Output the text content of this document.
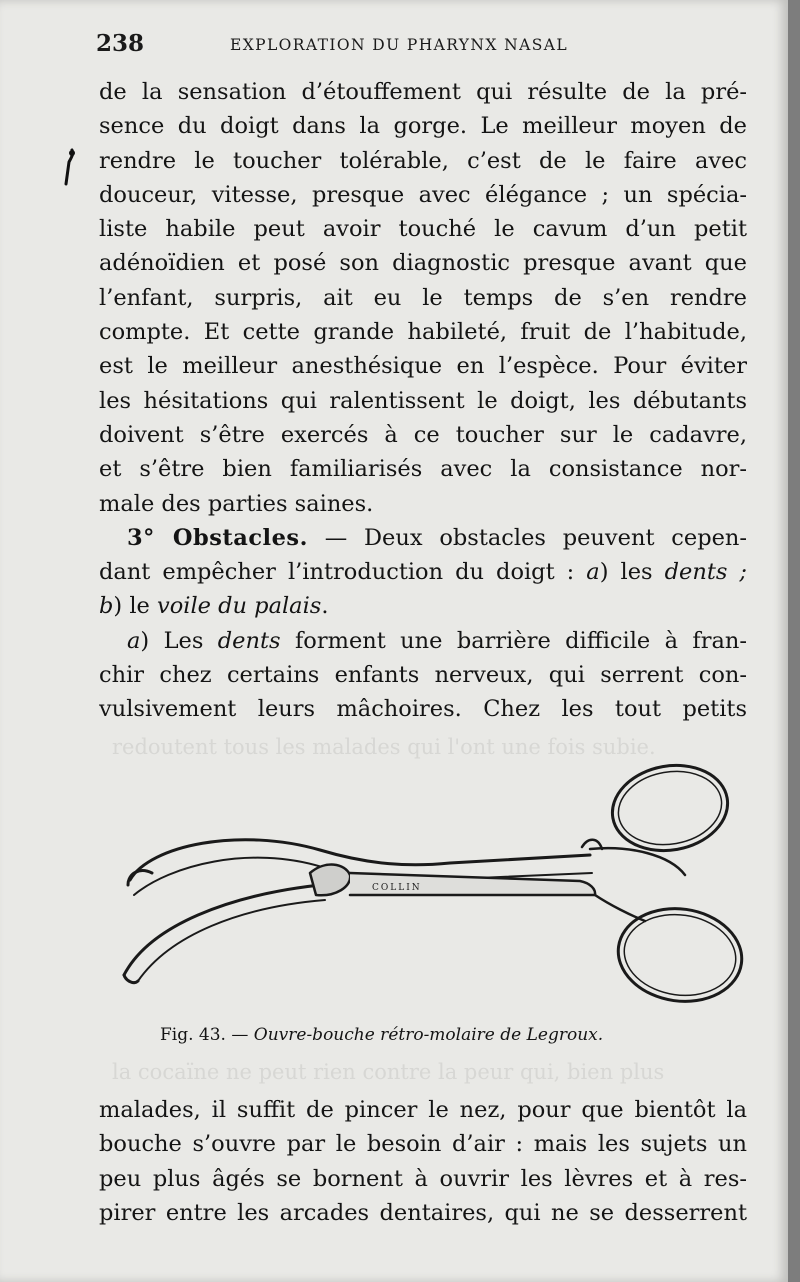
238	EXPLORATION DU PHARYNX NASAL
de la sensation d’étouffement qui résulte de la pré-
sence du doigt dans la gorge. Le meilleur moyen de
rendre le toucher tolérable, c’est de le faire avec
douceur, vitesse, presque avec élégance ; un spécia-
liste habile peut avoir touché le cavum d’un petit
adénoïdien et posé son diagnostic presque avant que
l’enfant, surpris, ait eu le temps de s’en rendre
compte. Et cette grande habileté, fruit de l’habitude,
est le meilleur anesthésique en l’espèce. Pour éviter
les hésitations qui ralentissent le doigt, les débutants
doivent s’être exercés à ce toucher sur le cadavre,
et s’être bien familiarisés avec la consistance nor-
male des parties saines.
3° Obstacles. — Deux obstacles peuvent cepen-
dant empêcher l’introduction du doigt : a) les dents ;
b) le voile du palais.
a) Les dents forment une barrière difficile à fran-
chir chez certains enfants nerveux, qui serrent con-
vulsivement leurs mâchoires. Chez les tout petits
redoutent tous les malades qui l'ont une fois subie.
la cocaïne ne peut rien contre la peur qui, bien plus
COLLIN
Fig. 43. — Ouvre-bouche rétro-molaire de Legroux.
malades, il suffit de pincer le nez, pour que bientôt la
bouche s’ouvre par le besoin d’air : mais les sujets un
peu plus âgés se bornent à ouvrir les lèvres et à res-
pirer entre les arcades dentaires, qui ne se desserrent
